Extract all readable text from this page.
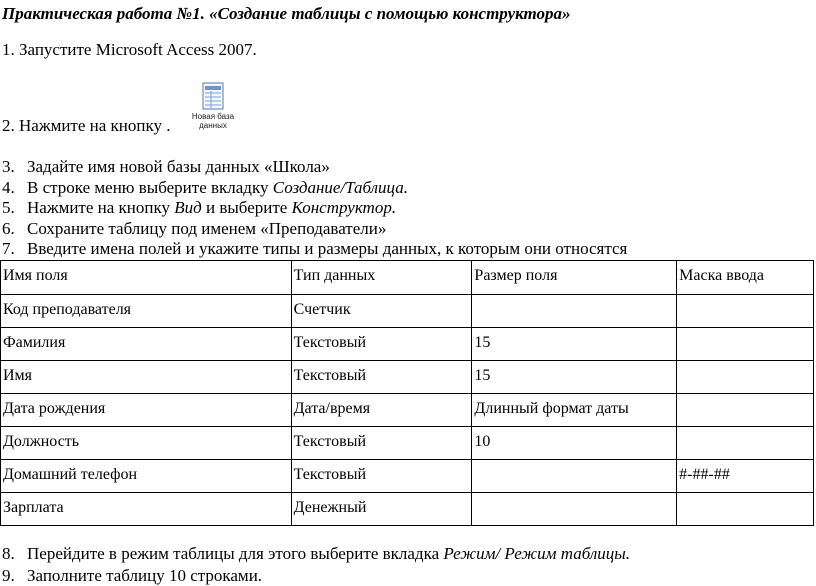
Практическая работа №1. «Создание таблицы с помощью конструктора»
1. Запустите Microsoft Access 2007.
2. Нажмите на кнопку .	Новая база данных
3. Задайте имя новой базы данных «Школа»
4. В строке меню выберите вкладку Создание/Таблица.
5. Нажмите на кнопку Вид и выберите Конструктор.
6. Сохраните таблицу под именем «Преподаватели»
7. Введите имена полей и укажите типы и размеры данных, к которым они относятся
Имя поля	Тип данных	Размер поля	Маска ввода
Код преподавателя	Счетчик		
Фамилия	Текстовый	15	
Имя	Текстовый	15	
Дата рождения	Дата/время	Длинный формат даты	
Должность	Текстовый	10	
Домашний телефон	Текстовый		#-##-##
Зарплата	Денежный		
8. Перейдите в режим таблицы для этого выберите вкладка Режим/ Режим таблицы.
9. Заполните таблицу 10 строками.
